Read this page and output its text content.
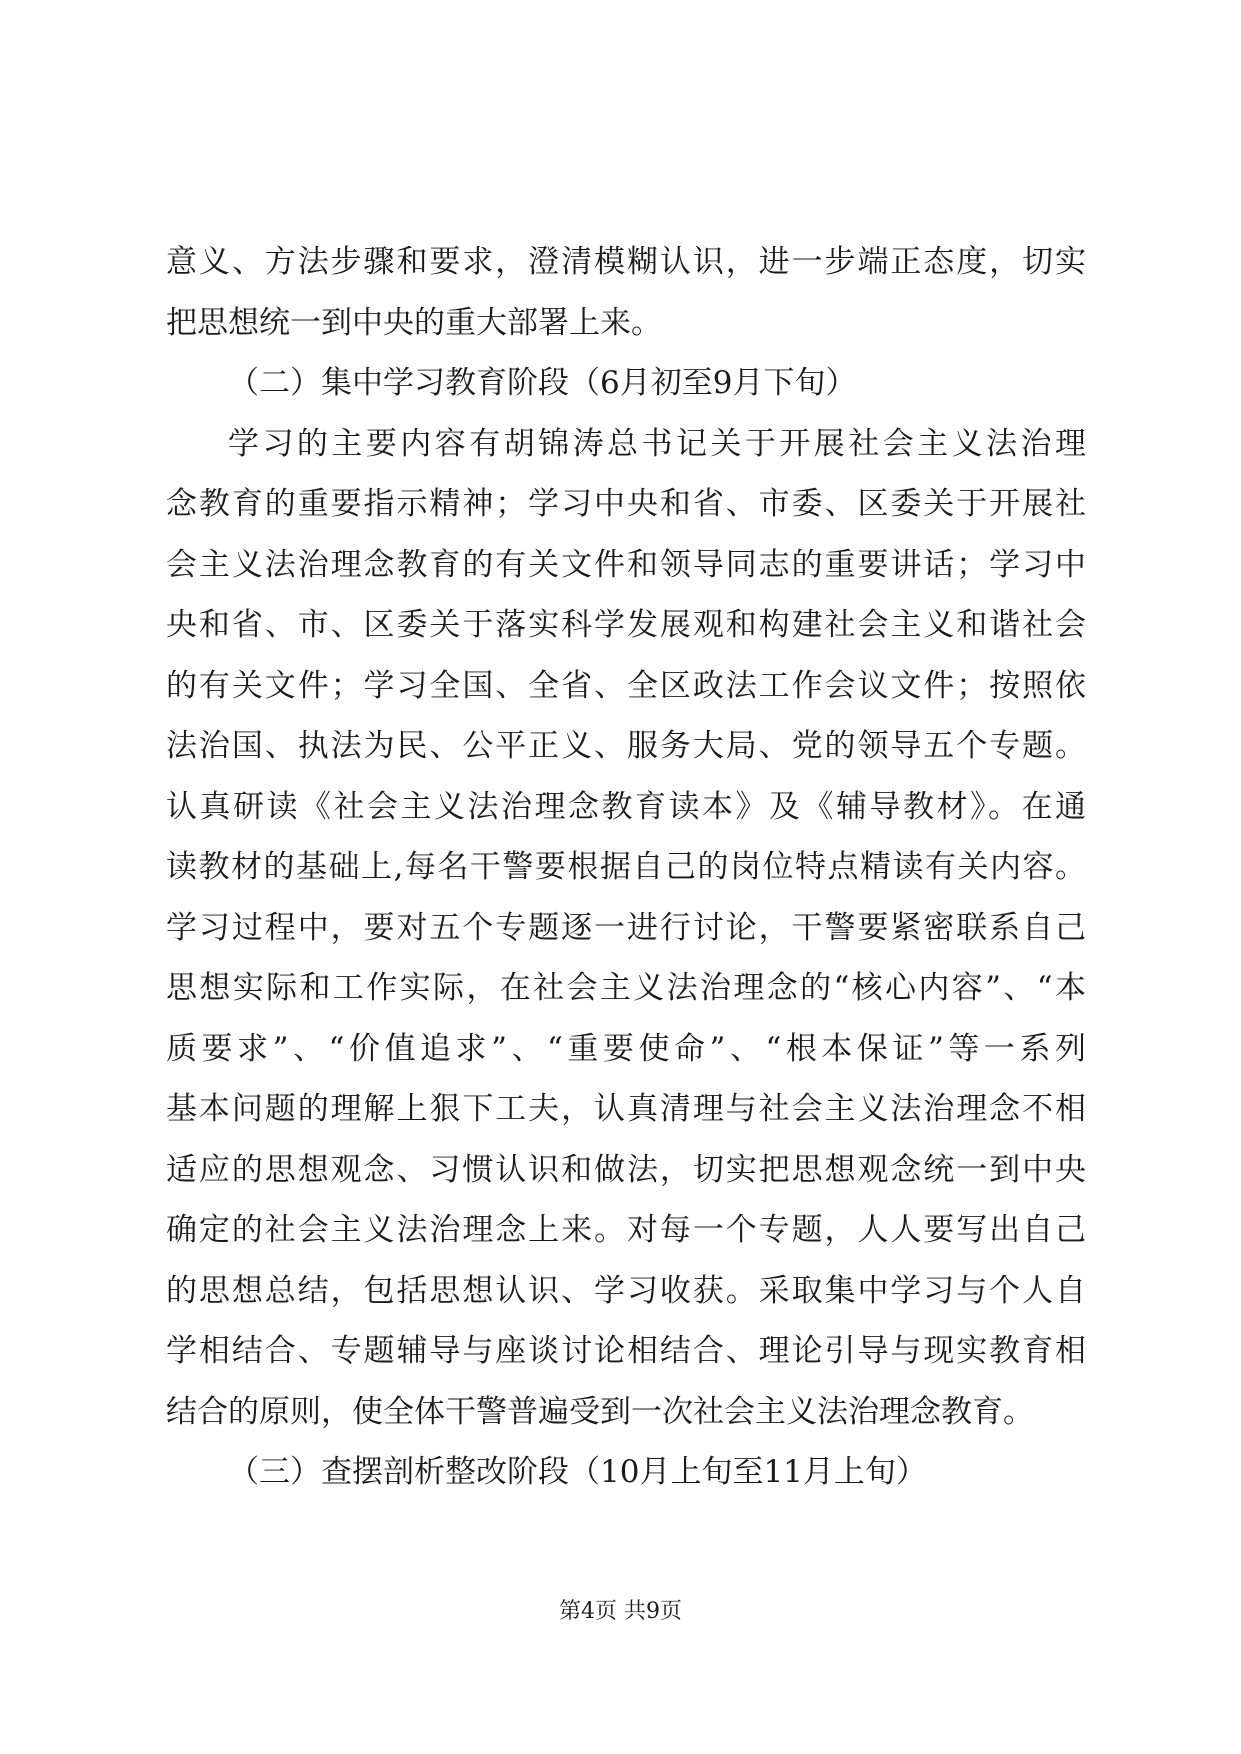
意义、方法步骤和要求，澄清模糊认识，进一步端正态度，切实
把思想统一到中央的重大部署上来。
（二）集中学习教育阶段（6月初至9月下旬）
学习的主要内容有胡锦涛总书记关于开展社会主义法治理
念教育的重要指示精神；学习中央和省、市委、区委关于开展社
会主义法治理念教育的有关文件和领导同志的重要讲话；学习中
央和省、市、区委关于落实科学发展观和构建社会主义和谐社会
的有关文件；学习全国、全省、全区政法工作会议文件；按照依
法治国、执法为民、公平正义、服务大局、党的领导五个专题。
认真研读《社会主义法治理念教育读本》及《辅导教材》。在通
读教材的基础上,每名干警要根据自己的岗位特点精读有关内容。
学习过程中，要对五个专题逐一进行讨论，干警要紧密联系自己
思想实际和工作实际，在社会主义法治理念的“核心内容”、“本
质要求”、“价值追求”、“重要使命”、“根本保证”等一系列
基本问题的理解上狠下工夫，认真清理与社会主义法治理念不相
适应的思想观念、习惯认识和做法，切实把思想观念统一到中央
确定的社会主义法治理念上来。对每一个专题，人人要写出自己
的思想总结，包括思想认识、学习收获。采取集中学习与个人自
学相结合、专题辅导与座谈讨论相结合、理论引导与现实教育相
结合的原则，使全体干警普遍受到一次社会主义法治理念教育。
（三）查摆剖析整改阶段（10月上旬至11月上旬）
第4页 共9页
